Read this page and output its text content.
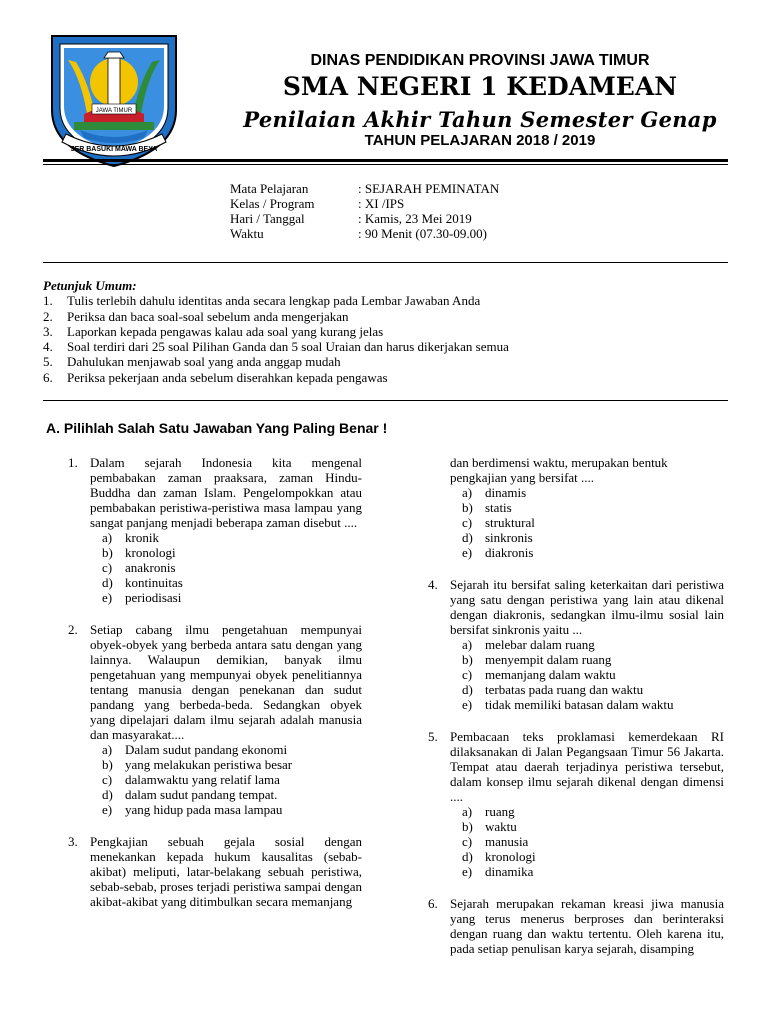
JAWA TIMUR
JER BASUKI MAWA BEYA
DINAS PENDIDIKAN PROVINSI JAWA TIMUR
SMA NEGERI 1 KEDAMEAN
Penilaian Akhir Tahun Semester Genap
TAHUN PELAJARAN 2018 / 2019
Mata Pelajaran	: SEJARAH PEMINATAN
Kelas / Program	: XI /IPS
Hari / Tanggal	: Kamis, 23 Mei 2019
Waktu	: 90 Menit (07.30-09.00)
Petunjuk Umum:
1. Tulis terlebih dahulu identitas anda secara lengkap pada Lembar Jawaban Anda
2. Periksa dan baca soal-soal sebelum anda mengerjakan
3. Laporkan kepada pengawas kalau ada soal yang kurang jelas
4. Soal terdiri dari 25 soal Pilihan Ganda dan 5 soal Uraian dan harus dikerjakan semua
5. Dahulukan menjawab soal yang anda anggap mudah
6. Periksa pekerjaan anda sebelum diserahkan kepada pengawas
A. Pilihlah Salah Satu Jawaban Yang Paling Benar !
1. Dalam sejarah Indonesia kita mengenal pembabakan zaman praaksara, zaman Hindu-Buddha dan zaman Islam. Pengelompokkan atau pembabakan peristiwa-peristiwa masa lampau yang sangat panjang menjadi beberapa zaman disebut ....
a) kronik
b) kronologi
c) anakronis
d) kontinuitas
e) periodisasi
2. Setiap cabang ilmu pengetahuan mempunyai obyek-obyek yang berbeda antara satu dengan yang lainnya. Walaupun demikian, banyak ilmu pengetahuan yang mempunyai obyek penelitiannya tentang manusia dengan penekanan dan sudut pandang yang berbeda-beda. Sedangkan obyek yang dipelajari dalam ilmu sejarah adalah manusia dan masyarakat....
a) Dalam sudut pandang ekonomi
b) yang melakukan peristiwa besar
c) dalamwaktu yang relatif lama
d) dalam sudut pandang tempat.
e) yang hidup pada masa lampau
3. Pengkajian sebuah gejala sosial dengan menekankan kepada hukum kausalitas (sebab-akibat) meliputi, latar-belakang sebuah peristiwa, sebab-sebab, proses terjadi peristiwa sampai dengan akibat-akibat yang ditimbulkan secara memanjang
dan berdimensi waktu, merupakan bentuk pengkajian yang bersifat ....
a) dinamis
b) statis
c) struktural
d) sinkronis
e) diakronis
4. Sejarah itu bersifat saling keterkaitan dari peristiwa yang satu dengan peristiwa yang lain atau dikenal dengan diakronis, sedangkan ilmu-ilmu sosial lain bersifat sinkronis yaitu ...
a) melebar dalam ruang
b) menyempit dalam ruang
c) memanjang dalam waktu
d) terbatas pada ruang dan waktu
e) tidak memiliki batasan dalam waktu
5. Pembacaan teks proklamasi kemerdekaan RI dilaksanakan di Jalan Pegangsaan Timur 56 Jakarta. Tempat atau daerah terjadinya peristiwa tersebut, dalam konsep ilmu sejarah dikenal dengan dimensi ....
a) ruang
b) waktu
c) manusia
d) kronologi
e) dinamika
6. Sejarah merupakan rekaman kreasi jiwa manusia yang terus menerus berproses dan berinteraksi dengan ruang dan waktu tertentu. Oleh karena itu, pada setiap penulisan karya sejarah, disamping
